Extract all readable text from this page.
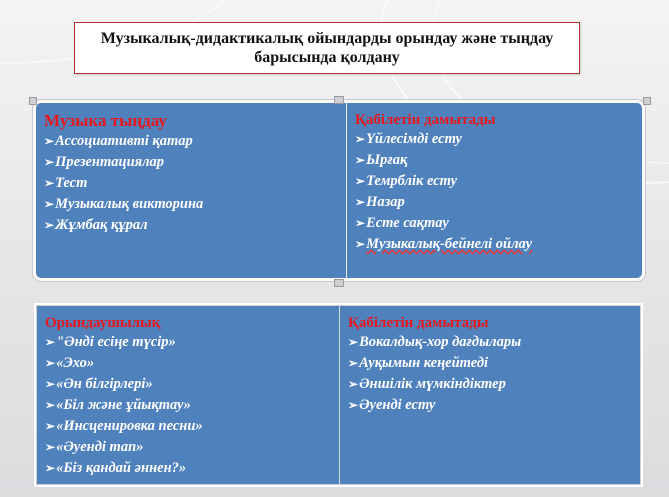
Музыкалық-дидактикалық ойындарды орындау және тыңдау барысында қолдану
Музыка тыңдау
➢Ассоциативті қатар
➢Презентациялар
➢Тест
➢Музыкалық викторина
➢Жұмбақ құрал
Қабілетін дамытады
➢Үйлесімді есту
➢Ырғақ
➢Темрблік есту
➢Назар
➢Есте сақтау
➢Музыкалық-бейнелі ойлау
Орындаушылық
➢"Әнді есіңе түсір»
➢«Эхо»
➢«Ән білгірлері»
➢«Біл және ұйықтау»
➢«Инсценировка песни»
➢«Әуенді тап»
➢«Біз қандай әннен?»
Қабілетін дамытады
➢Вокалдық-хор дағдылары
➢Ауқымын кеңейтеді
➢Әншілік мүмкіндіктер
➢Әуенді есту
